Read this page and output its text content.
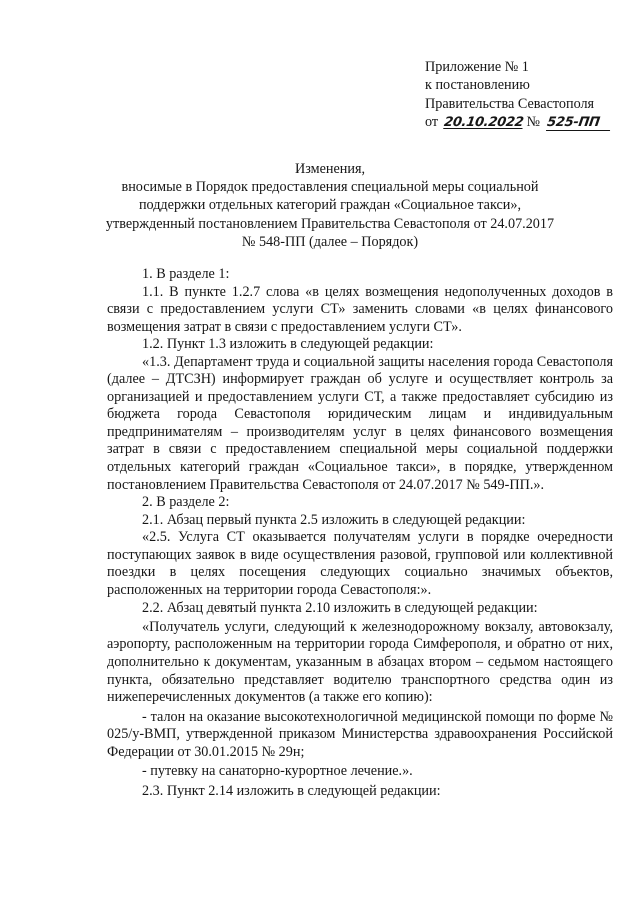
Приложение № 1
к постановлению
Правительства Севастополя
от 20.10.2022 № 525-ПП
Изменения,
вносимые в Порядок предоставления специальной меры социальной
поддержки отдельных категорий граждан «Социальное такси»,
утвержденный постановлением Правительства Севастополя от 24.07.2017
№ 548-ПП (далее – Порядок)

1. В разделе 1:

1.1. В пункте 1.2.7 слова «в целях возмещения недополученных доходов в связи с предоставлением услуги СТ» заменить словами «в целях финансового возмещения затрат в связи с предоставлением услуги СТ».

1.2. Пункт 1.3 изложить в следующей редакции:

«1.3. Департамент труда и социальной защиты населения города Севастополя (далее – ДТСЗН) информирует граждан об услуге и осуществляет контроль за организацией и предоставлением услуги СТ, а также предоставляет субсидию из бюджета города Севастополя юридическим лицам и индивидуальным предпринимателям – производителям услуг в целях финансового возмещения затрат в связи с предоставлением специальной меры социальной поддержки отдельных категорий граждан «Социальное такси», в порядке, утвержденном постановлением Правительства Севастополя от 24.07.2017 № 549-ПП.».

2. В разделе 2:

2.1. Абзац первый пункта 2.5 изложить в следующей редакции:

«2.5. Услуга СТ оказывается получателям услуги в порядке очередности поступающих заявок в виде осуществления разовой, групповой или коллективной поездки в целях посещения следующих социально значимых объектов, расположенных на территории города Севастополя:».

2.2. Абзац девятый пункта 2.10 изложить в следующей редакции:

«Получатель услуги, следующий к железнодорожному вокзалу, автовокзалу, аэропорту, расположенным на территории города Симферополя, и обратно от них, дополнительно к документам, указанным в абзацах втором – седьмом настоящего пункта, обязательно представляет водителю транспортного средства один из нижеперечисленных документов (а также его копию):

- талон на оказание высокотехнологичной медицинской помощи по форме № 025/у-ВМП, утвержденной приказом Министерства здравоохранения Российской Федерации от 30.01.2015 № 29н;

- путевку на санаторно-курортное лечение.».

2.3. Пункт 2.14 изложить в следующей редакции:
